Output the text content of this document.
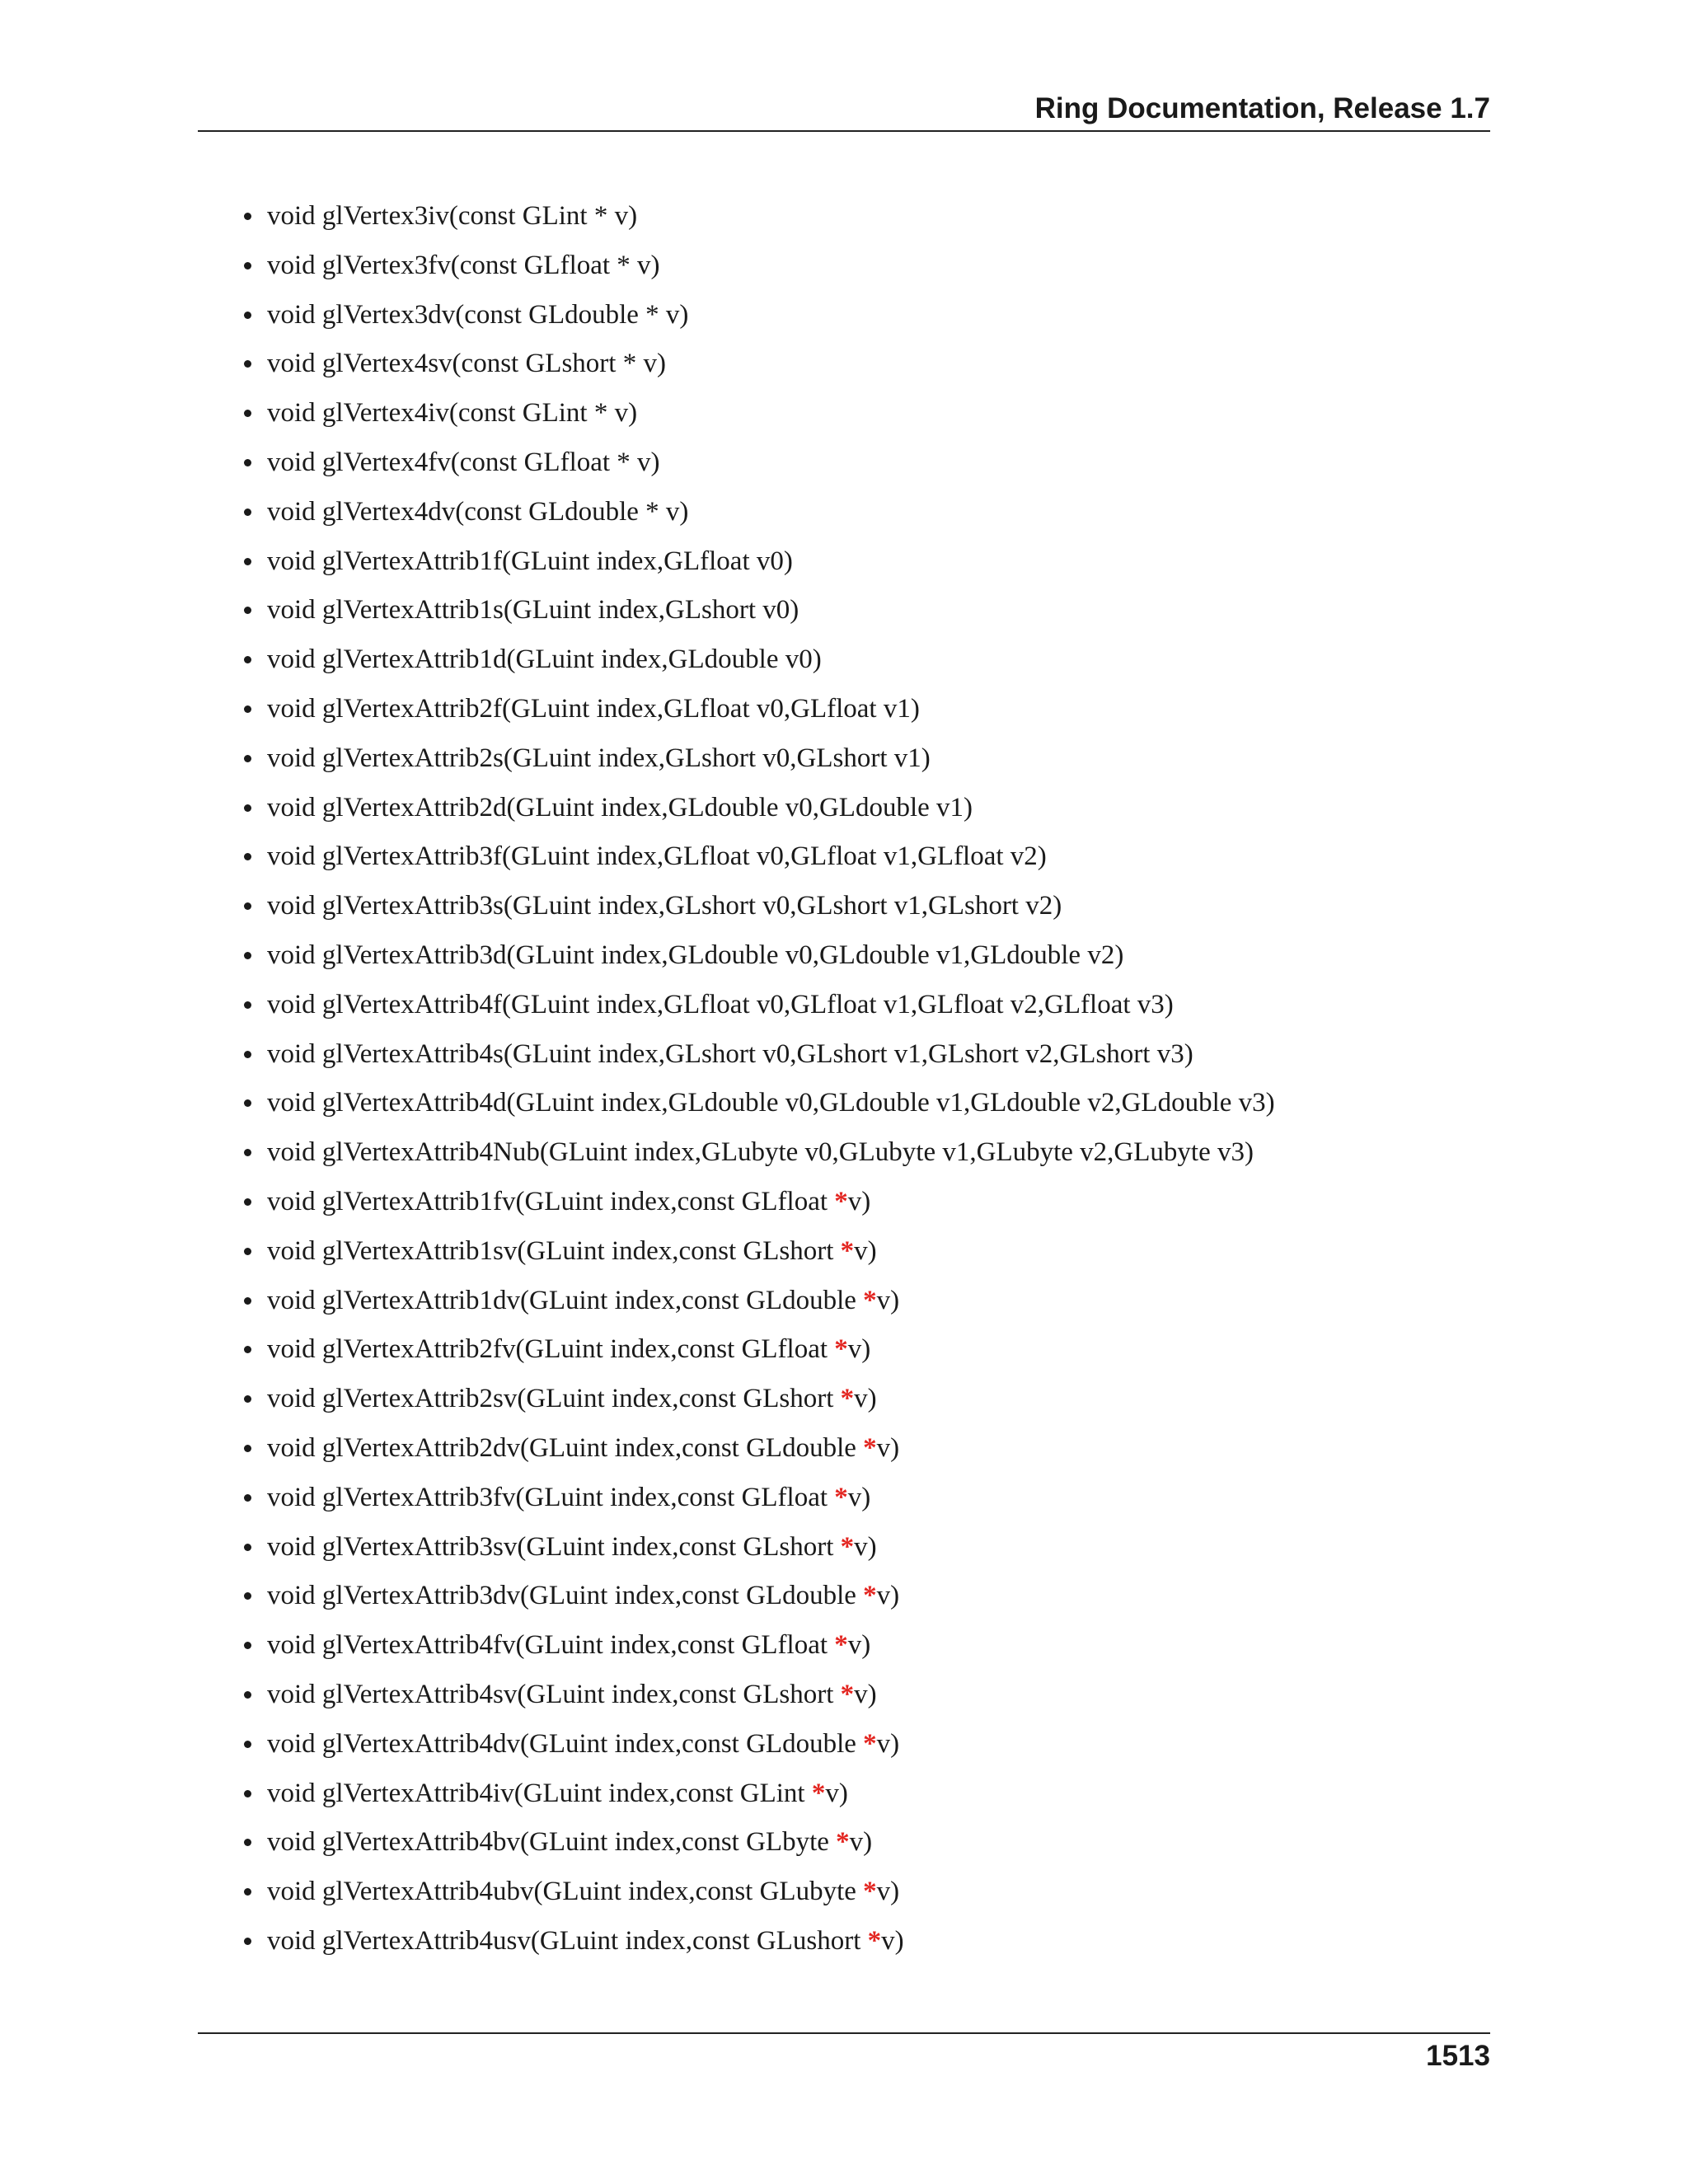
Ring Documentation, Release 1.7
void glVertex3iv(const GLint * v)
void glVertex3fv(const GLfloat * v)
void glVertex3dv(const GLdouble * v)
void glVertex4sv(const GLshort * v)
void glVertex4iv(const GLint * v)
void glVertex4fv(const GLfloat * v)
void glVertex4dv(const GLdouble * v)
void glVertexAttrib1f(GLuint index,GLfloat v0)
void glVertexAttrib1s(GLuint index,GLshort v0)
void glVertexAttrib1d(GLuint index,GLdouble v0)
void glVertexAttrib2f(GLuint index,GLfloat v0,GLfloat v1)
void glVertexAttrib2s(GLuint index,GLshort v0,GLshort v1)
void glVertexAttrib2d(GLuint index,GLdouble v0,GLdouble v1)
void glVertexAttrib3f(GLuint index,GLfloat v0,GLfloat v1,GLfloat v2)
void glVertexAttrib3s(GLuint index,GLshort v0,GLshort v1,GLshort v2)
void glVertexAttrib3d(GLuint index,GLdouble v0,GLdouble v1,GLdouble v2)
void glVertexAttrib4f(GLuint index,GLfloat v0,GLfloat v1,GLfloat v2,GLfloat v3)
void glVertexAttrib4s(GLuint index,GLshort v0,GLshort v1,GLshort v2,GLshort v3)
void glVertexAttrib4d(GLuint index,GLdouble v0,GLdouble v1,GLdouble v2,GLdouble v3)
void glVertexAttrib4Nub(GLuint index,GLubyte v0,GLubyte v1,GLubyte v2,GLubyte v3)
void glVertexAttrib1fv(GLuint index,const GLfloat *v)
void glVertexAttrib1sv(GLuint index,const GLshort *v)
void glVertexAttrib1dv(GLuint index,const GLdouble *v)
void glVertexAttrib2fv(GLuint index,const GLfloat *v)
void glVertexAttrib2sv(GLuint index,const GLshort *v)
void glVertexAttrib2dv(GLuint index,const GLdouble *v)
void glVertexAttrib3fv(GLuint index,const GLfloat *v)
void glVertexAttrib3sv(GLuint index,const GLshort *v)
void glVertexAttrib3dv(GLuint index,const GLdouble *v)
void glVertexAttrib4fv(GLuint index,const GLfloat *v)
void glVertexAttrib4sv(GLuint index,const GLshort *v)
void glVertexAttrib4dv(GLuint index,const GLdouble *v)
void glVertexAttrib4iv(GLuint index,const GLint *v)
void glVertexAttrib4bv(GLuint index,const GLbyte *v)
void glVertexAttrib4ubv(GLuint index,const GLubyte *v)
void glVertexAttrib4usv(GLuint index,const GLushort *v)
1513
